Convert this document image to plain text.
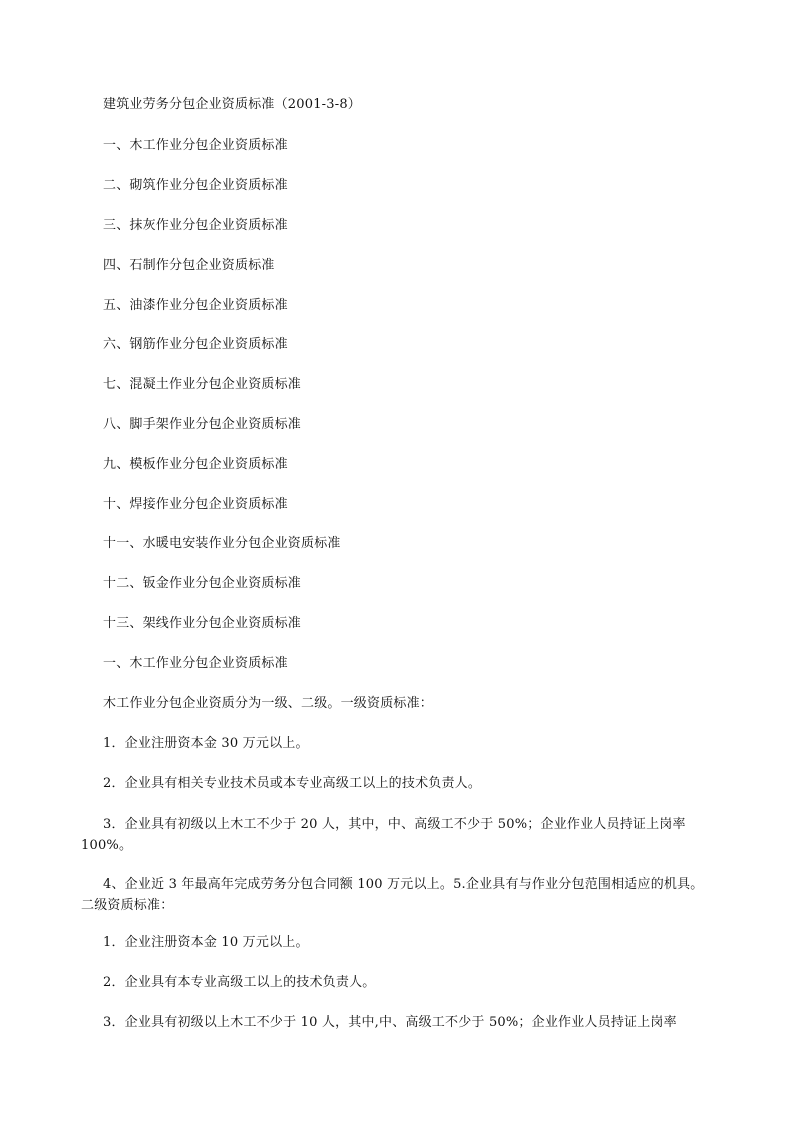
建筑业劳务分包企业资质标准（2001-3-8）
一、木工作业分包企业资质标准
二、砌筑作业分包企业资质标准
三、抹灰作业分包企业资质标准
四、石制作分包企业资质标准
五、油漆作业分包企业资质标准
六、钢筋作业分包企业资质标准
七、混凝土作业分包企业资质标准
八、脚手架作业分包企业资质标准
九、模板作业分包企业资质标准
十、焊接作业分包企业资质标准
十一、水暖电安装作业分包企业资质标准
十二、钣金作业分包企业资质标准
十三、架线作业分包企业资质标准
一、木工作业分包企业资质标准
木工作业分包企业资质分为一级、二级。一级资质标准：
1．企业注册资本金 30 万元以上。
2．企业具有相关专业技术员或本专业高级工以上的技术负责人。
3．企业具有初级以上木工不少于 20 人，其中，中、高级工不少于 50%；企业作业人员持证上岗率
100%。
4、企业近 3 年最高年完成劳务分包合同额 100 万元以上。5.企业具有与作业分包范围相适应的机具。
二级资质标准：
1．企业注册资本金 10 万元以上。
2．企业具有本专业高级工以上的技术负责人。
3．企业具有初级以上木工不少于 10 人，其中,中、高级工不少于 50%；企业作业人员持证上岗率
